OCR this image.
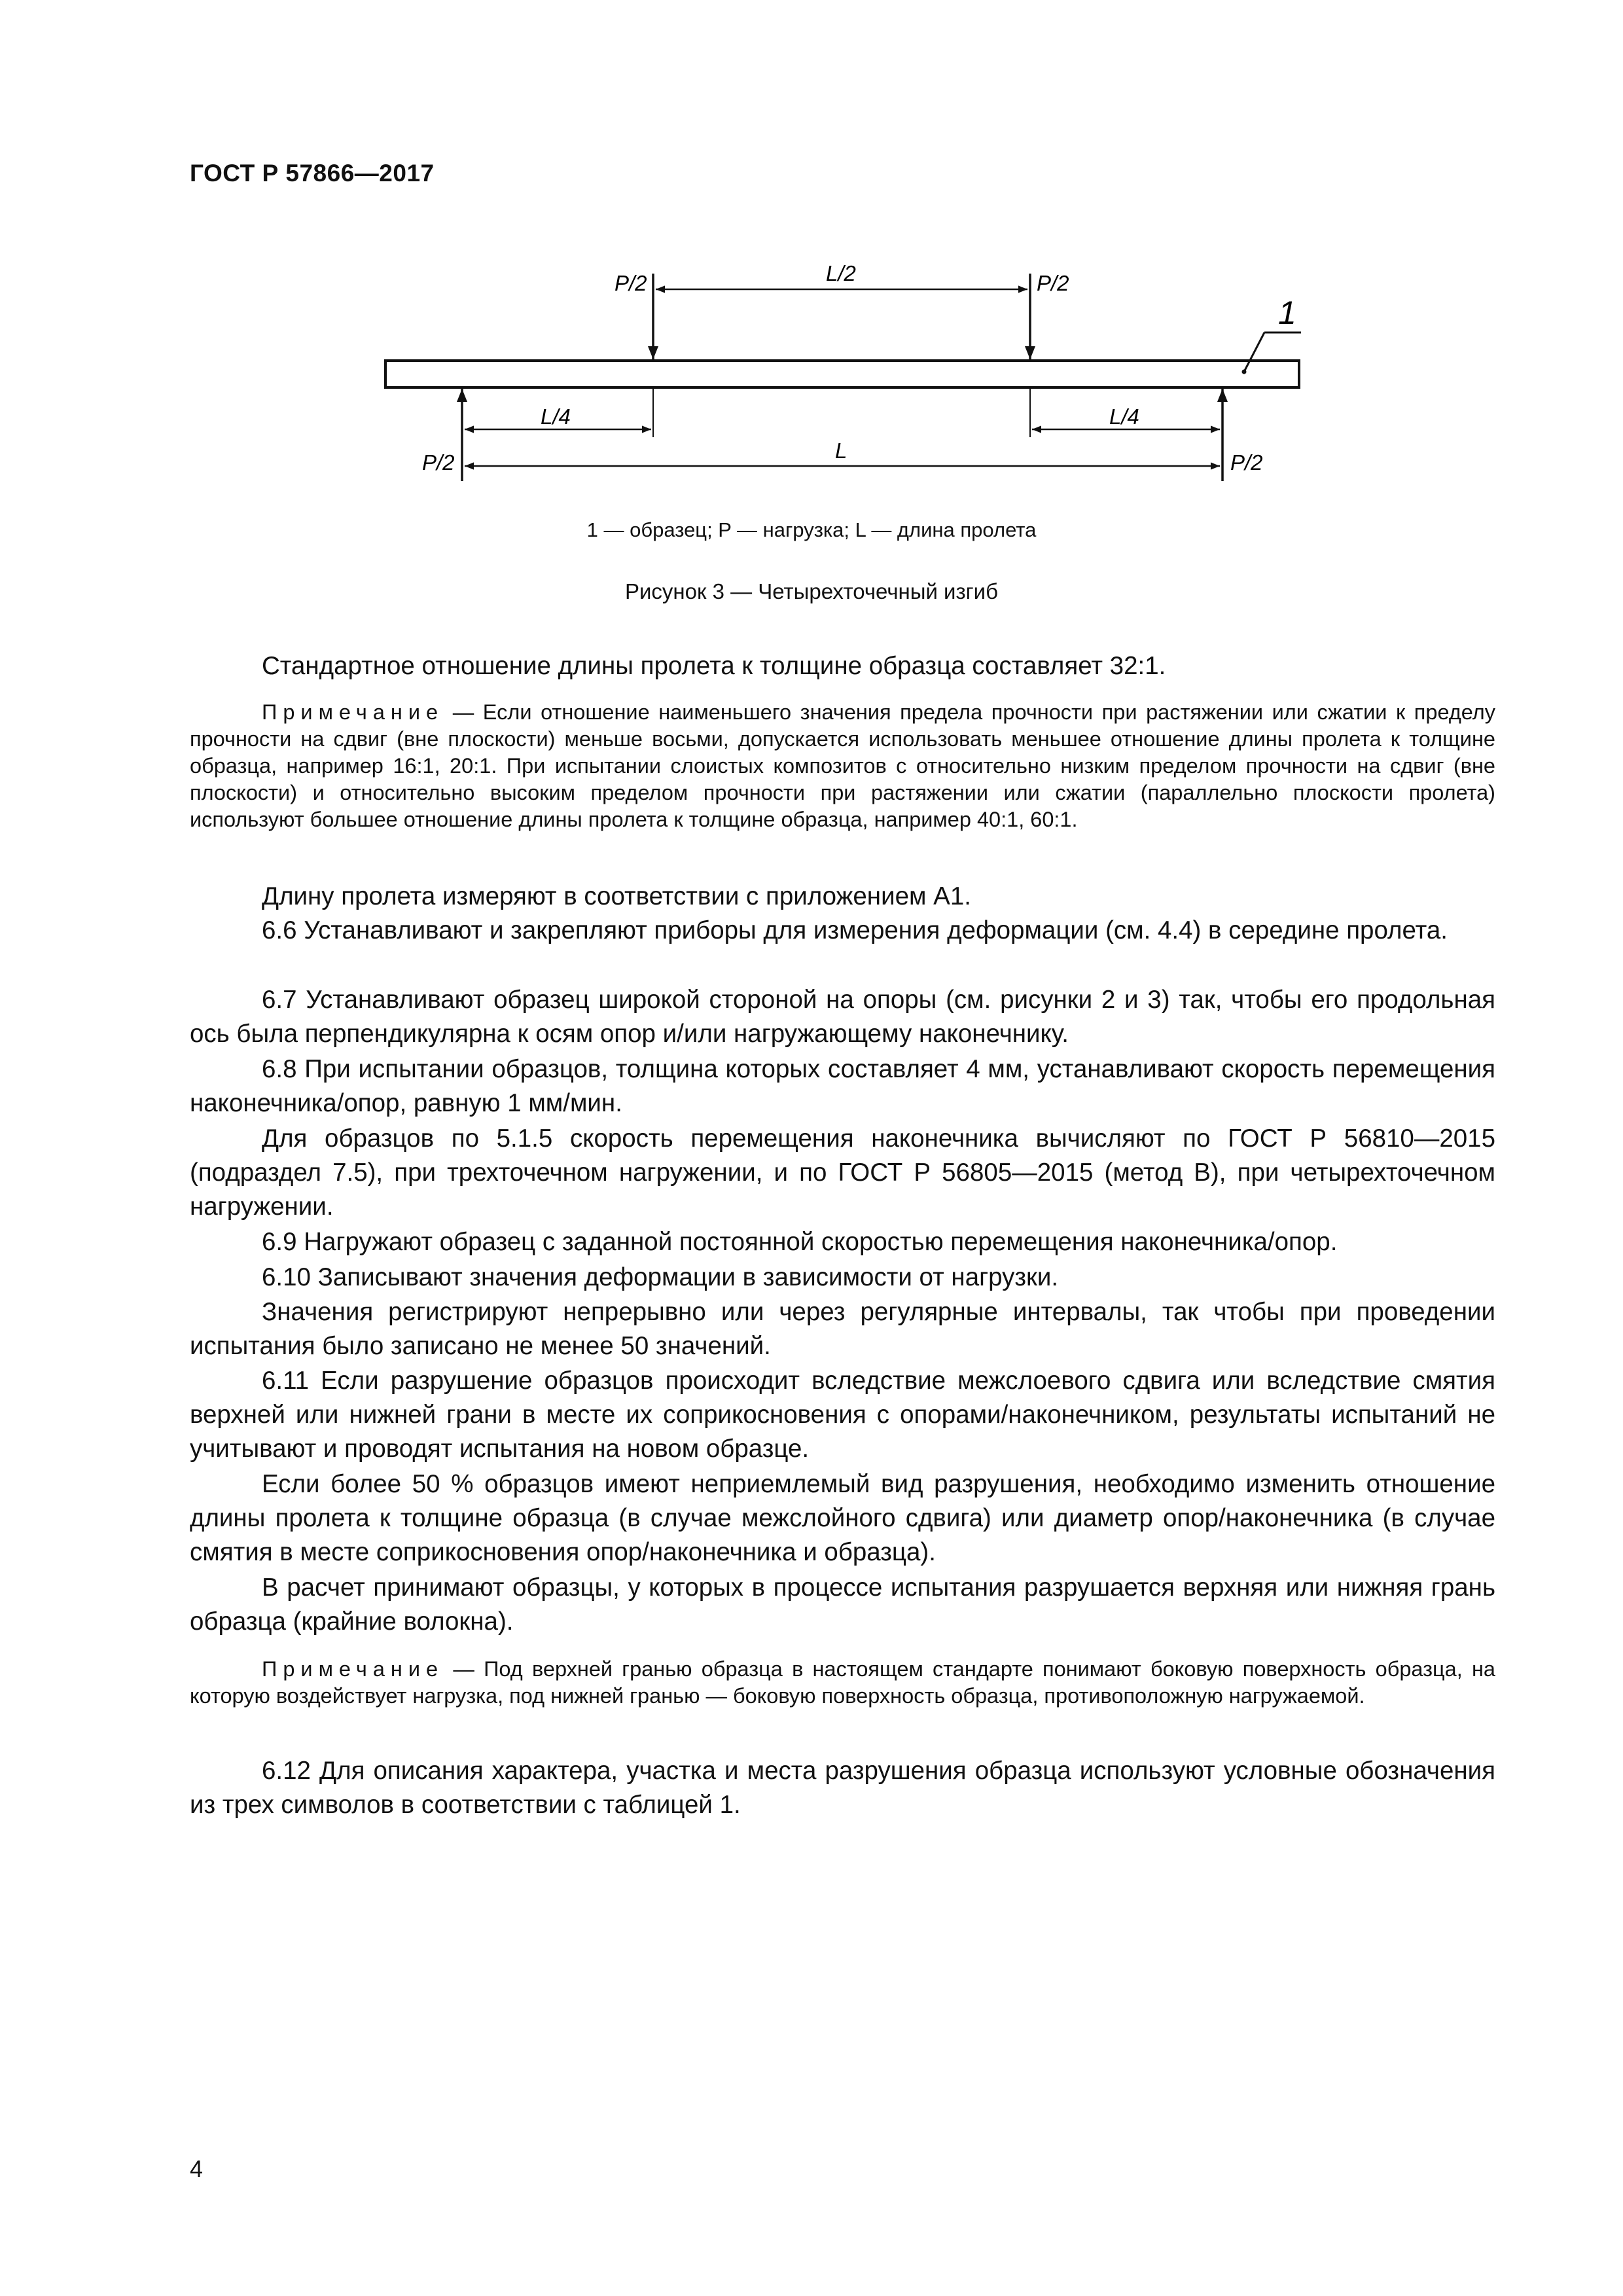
ГОСТ Р 57866—2017
P/2	L/2	P/2
1
L/4	L/4
L
P/2	P/2
1 — образец; P — нагрузка; L — длина пролета
Рисунок 3 — Четырехточечный изгиб

Стандартное отношение длины пролета к толщине образца составляет 32:1.

Примечание — Если отношение наименьшего значения предела прочности при растяжении или сжатии к пределу прочности на сдвиг (вне плоскости) меньше восьми, допускается использовать меньшее отношение длины пролета к толщине образца, например 16:1, 20:1. При испытании слоистых композитов с относительно низким пределом прочности на сдвиг (вне плоскости) и относительно высоким пределом прочности при растяжении или сжатии (параллельно плоскости пролета) используют большее отношение длины пролета к толщине образца, например 40:1, 60:1.

Длину пролета измеряют в соответствии с приложением А1.

6.6 Устанавливают и закрепляют приборы для измерения деформации (см. 4.4) в середине пролета.

6.7 Устанавливают образец широкой стороной на опоры (см. рисунки 2 и 3) так, чтобы его продольная ось была перпендикулярна к осям опор и/или нагружающему наконечнику.

6.8 При испытании образцов, толщина которых составляет 4 мм, устанавливают скорость перемещения наконечника/опор, равную 1 мм/мин.

Для образцов по 5.1.5 скорость перемещения наконечника вычисляют по ГОСТ Р 56810—2015 (подраздел 7.5), при трехточечном нагружении, и по ГОСТ Р 56805—2015 (метод В), при четырехточечном нагружении.

6.9 Нагружают образец с заданной постоянной скоростью перемещения наконечника/опор.

6.10 Записывают значения деформации в зависимости от нагрузки.

Значения регистрируют непрерывно или через регулярные интервалы, так чтобы при проведении испытания было записано не менее 50 значений.

6.11 Если разрушение образцов происходит вследствие межслоевого сдвига или вследствие смятия верхней или нижней грани в месте их соприкосновения с опорами/наконечником, результаты испытаний не учитывают и проводят испытания на новом образце.

Если более 50 % образцов имеют неприемлемый вид разрушения, необходимо изменить отношение длины пролета к толщине образца (в случае межслойного сдвига) или диаметр опор/наконечника (в случае смятия в месте соприкосновения опор/наконечника и образца).

В расчет принимают образцы, у которых в процессе испытания разрушается верхняя или нижняя грань образца (крайние волокна).

Примечание — Под верхней гранью образца в настоящем стандарте понимают боковую поверхность образца, на которую воздействует нагрузка, под нижней гранью — боковую поверхность образца, противоположную нагружаемой.

6.12 Для описания характера, участка и места разрушения образца используют условные обозначения из трех символов в соответствии с таблицей 1.

4
